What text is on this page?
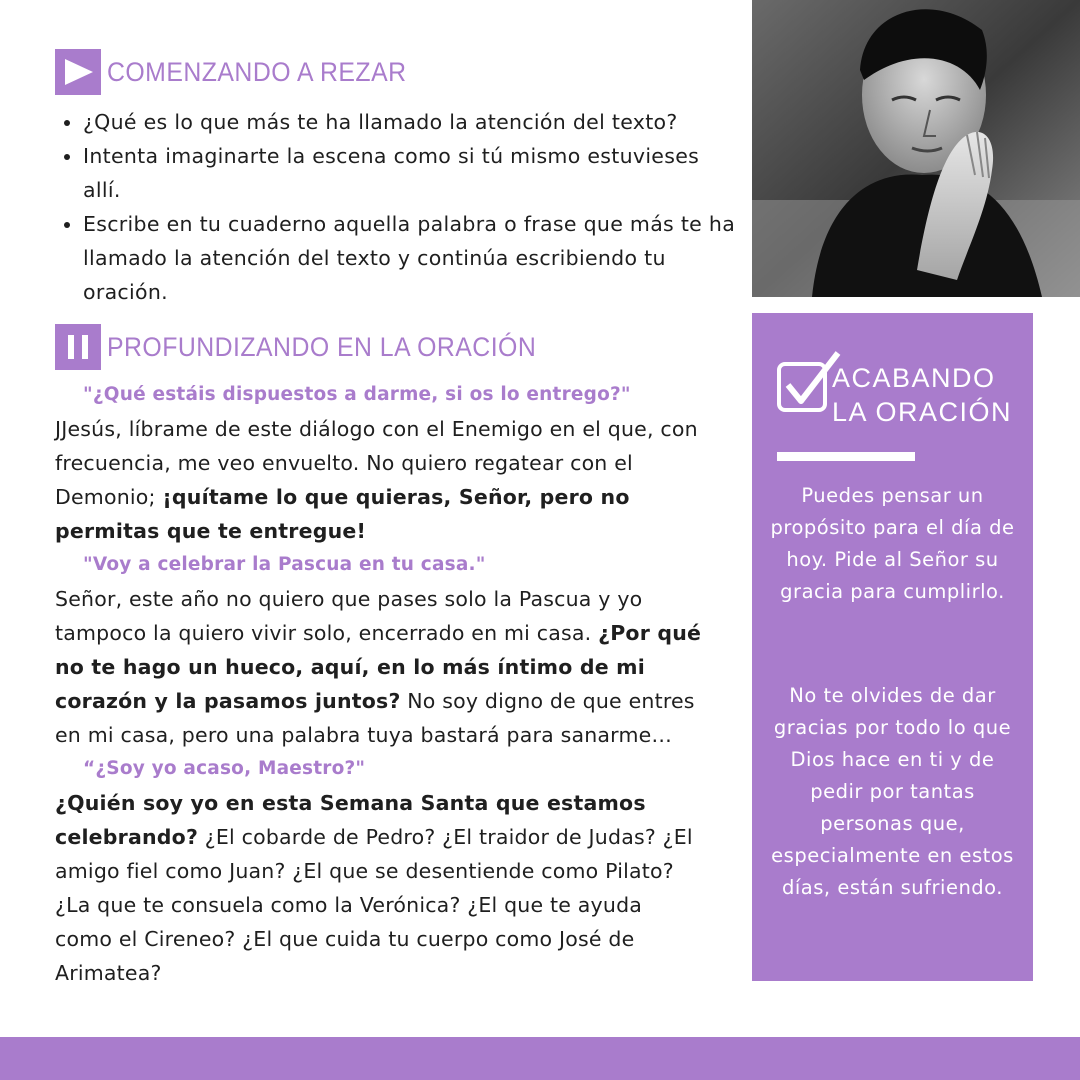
COMENZANDO A REZAR
• ¿Qué es lo que más te ha llamado la atención del texto?
• Intenta imaginarte la escena como si tú mismo estuvieses allí.
• Escribe en tu cuaderno aquella palabra o frase que más te ha llamado la atención del texto y continúa escribiendo tu oración.
PROFUNDIZANDO EN LA ORACIÓN
"¿Qué estáis dispuestos a darme, si os lo entrego?"
JJesús, líbrame de este diálogo con el Enemigo en el que, con frecuencia, me veo envuelto. No quiero regatear con el Demonio; ¡quítame lo que quieras, Señor, pero no permitas que te entregue!
"Voy a celebrar la Pascua en tu casa."
Señor, este año no quiero que pases solo la Pascua y yo tampoco la quiero vivir solo, encerrado en mi casa. ¿Por qué no te hago un hueco, aquí, en lo más íntimo de mi corazón y la pasamos juntos? No soy digno de que entres en mi casa, pero una palabra tuya bastará para sanarme…
“¿Soy yo acaso, Maestro?"
¿Quién soy yo en esta Semana Santa que estamos celebrando? ¿El cobarde de Pedro? ¿El traidor de Judas? ¿El amigo fiel como Juan? ¿El que se desentiende como Pilato? ¿La que te consuela como la Verónica? ¿El que te ayuda como el Cireneo? ¿El que cuida tu cuerpo como José de Arimatea?
ACABANDO
LA ORACIÓN
Puedes pensar un propósito para el día de hoy. Pide al Señor su gracia para cumplirlo.
No te olvides de dar gracias por todo lo que Dios hace en ti y de pedir por tantas personas que, especialmente en estos días, están sufriendo.
